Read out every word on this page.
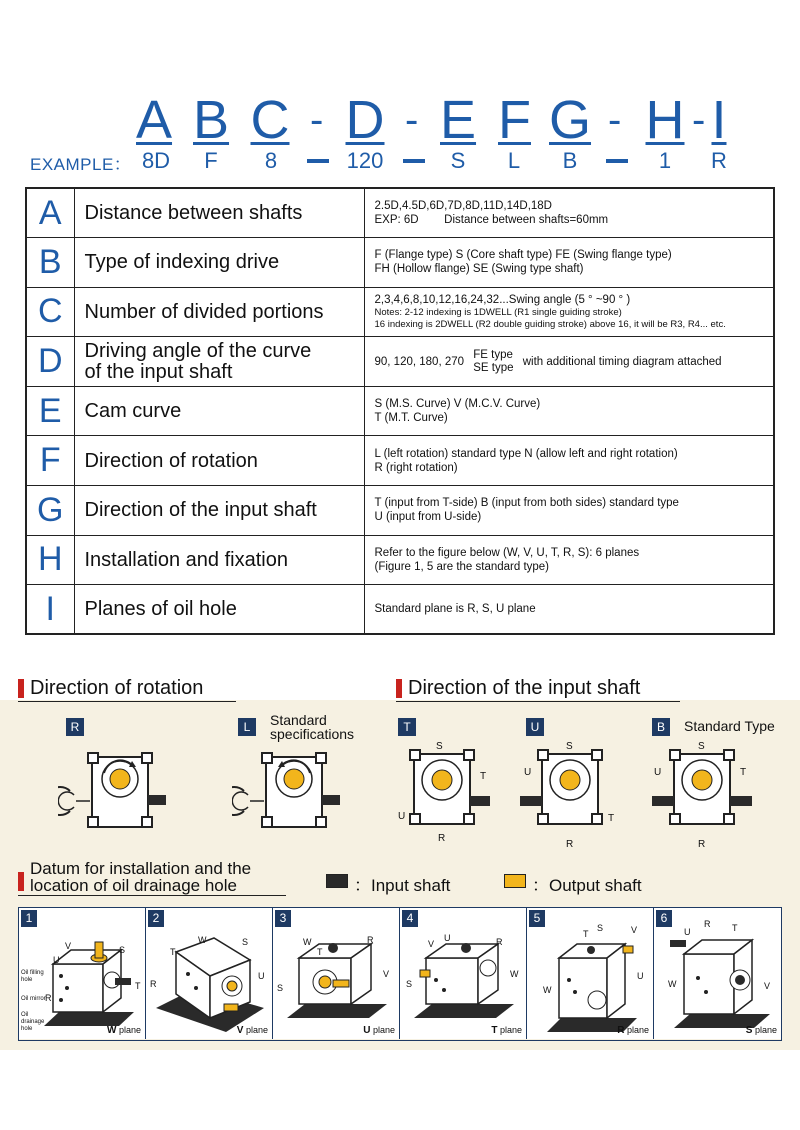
A B C - D - E F G - H - I
EXAMPLE： 8D	F	8	120	S	L	B	1	R
A	Distance between shafts	2.5D,4.5D,6D,7D,8D,11D,14D,18D
EXP: 6D        Distance between shafts=60mm
B	Type of indexing drive	F (Flange type) S (Core shaft type) FE (Swing flange type)
FH (Hollow flange) SE (Swing type shaft)
C	Number of divided portions	2,3,4,6,8,10,12,16,24,32...Swing angle (5 ° ~90 ° )
Notes: 2-12 indexing is 1DWELL (R1 single guiding stroke)
16 indexing is 2DWELL (R2 double guiding stroke) above 16, it will be R3, R4... etc.

D	Driving angle of the curve
of the input shaft	90, 120, 180, 270 FE type
SE type with additional timing diagram attached
E	Cam curve	S (M.S. Curve) V (M.C.V. Curve)
T (M.T. Curve)
F	Direction of rotation	L (left rotation) standard type N (allow left and right rotation)
R (right rotation)
G	Direction of the input shaft	T (input from T-side) B (input from both sides) standard type
U (input from U-side)
H	Installation and fixation	Refer to the figure below (W, V, U, T, R, S): 6 planes
(Figure 1, 5 are the standard type)
I	Planes of oil hole	Standard plane is R, S, U plane
Direction of rotation	Direction of the input shaft
R	L	Standard
specifications	T	U	B	Standard Type
S
T
U
R
S
U
T
R
S
U	T
R
Datum for installation and the
location of oil drainage hole	：Input shaft	：Output shaft
1
V
U
S
T
R
Oil filling hole
Oil mirror
Oil drainage hole	W plane
2
T
W	S
U
R
V plane
3
W
T
R
S
V
U plane
4
V
U	R
S
W
T plane
5
T
S	V
W
U
R plane
6
U
R T
W	V
S plane
